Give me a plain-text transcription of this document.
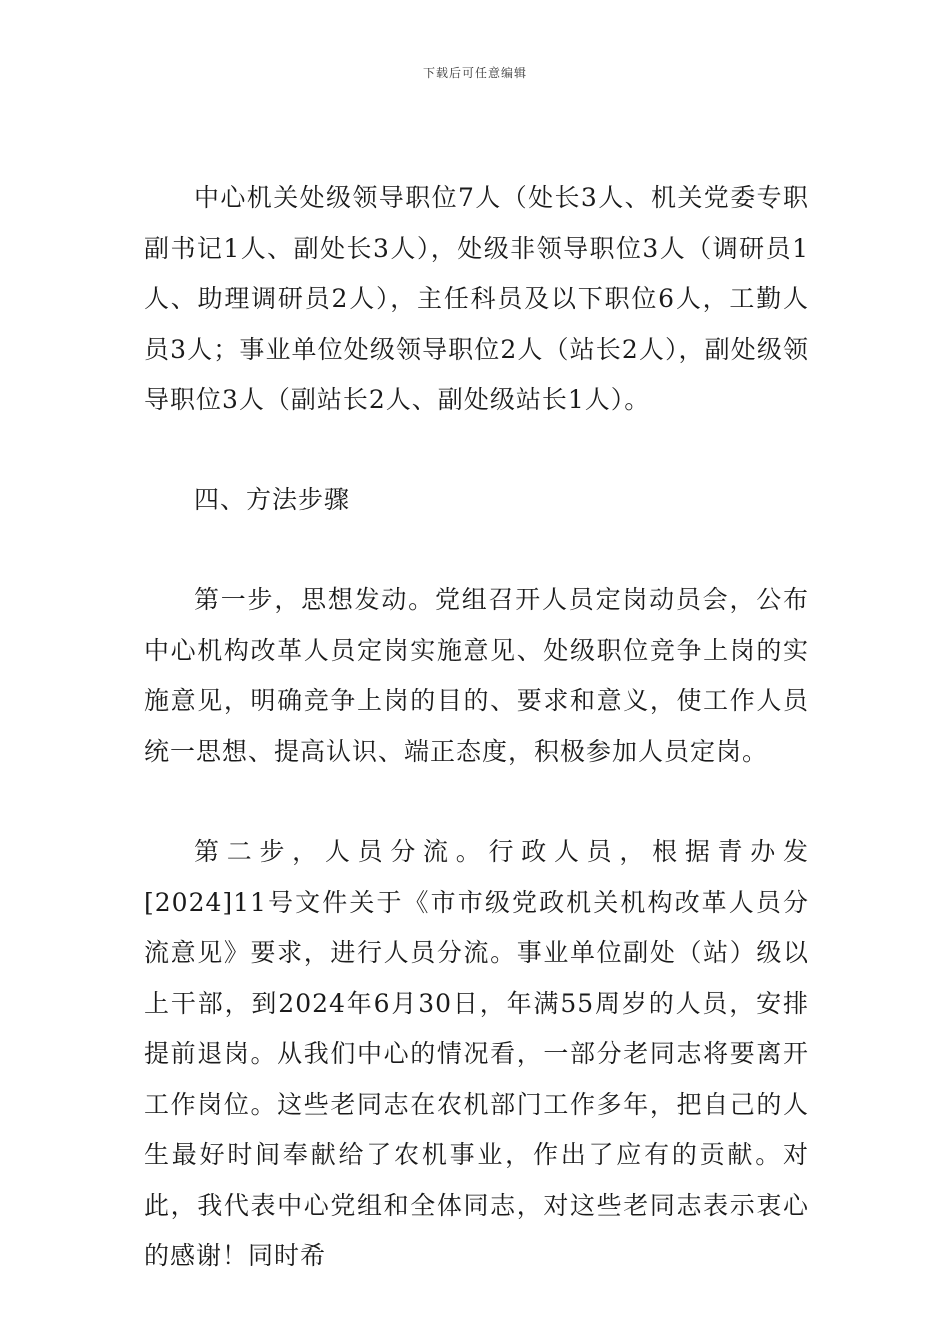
下载后可任意编辑

中心机关处级领导职位7人（处长3人、机关党委专职副书记1人、副处长3人），处级非领导职位3人（调研员1人、助理调研员2人），主任科员及以下职位6人，工勤人员3人；事业单位处级领导职位2人（站长2人），副处级领导职位3人（副站长2人、副处级站长1人）。

四、方法步骤

第一步，思想发动。党组召开人员定岗动员会，公布中心机构改革人员定岗实施意见、处级职位竞争上岗的实施意见，明确竞争上岗的目的、要求和意义，使工作人员统一思想、提高认识、端正态度，积极参加人员定岗。

第二步，人员分流。行政人员，根据青办发[2024]11号文件关于《市市级党政机关机构改革人员分流意见》要求，进行人员分流。事业单位副处（站）级以上干部，到2024年6月30日，年满55周岁的人员，安排提前退岗。从我们中心的情况看，一部分老同志将要离开工作岗位。这些老同志在农机部门工作多年，把自己的人生最好时间奉献给了农机事业，作出了应有的贡献。对此，我代表中心党组和全体同志，对这些老同志表示衷心的感谢！同时希
